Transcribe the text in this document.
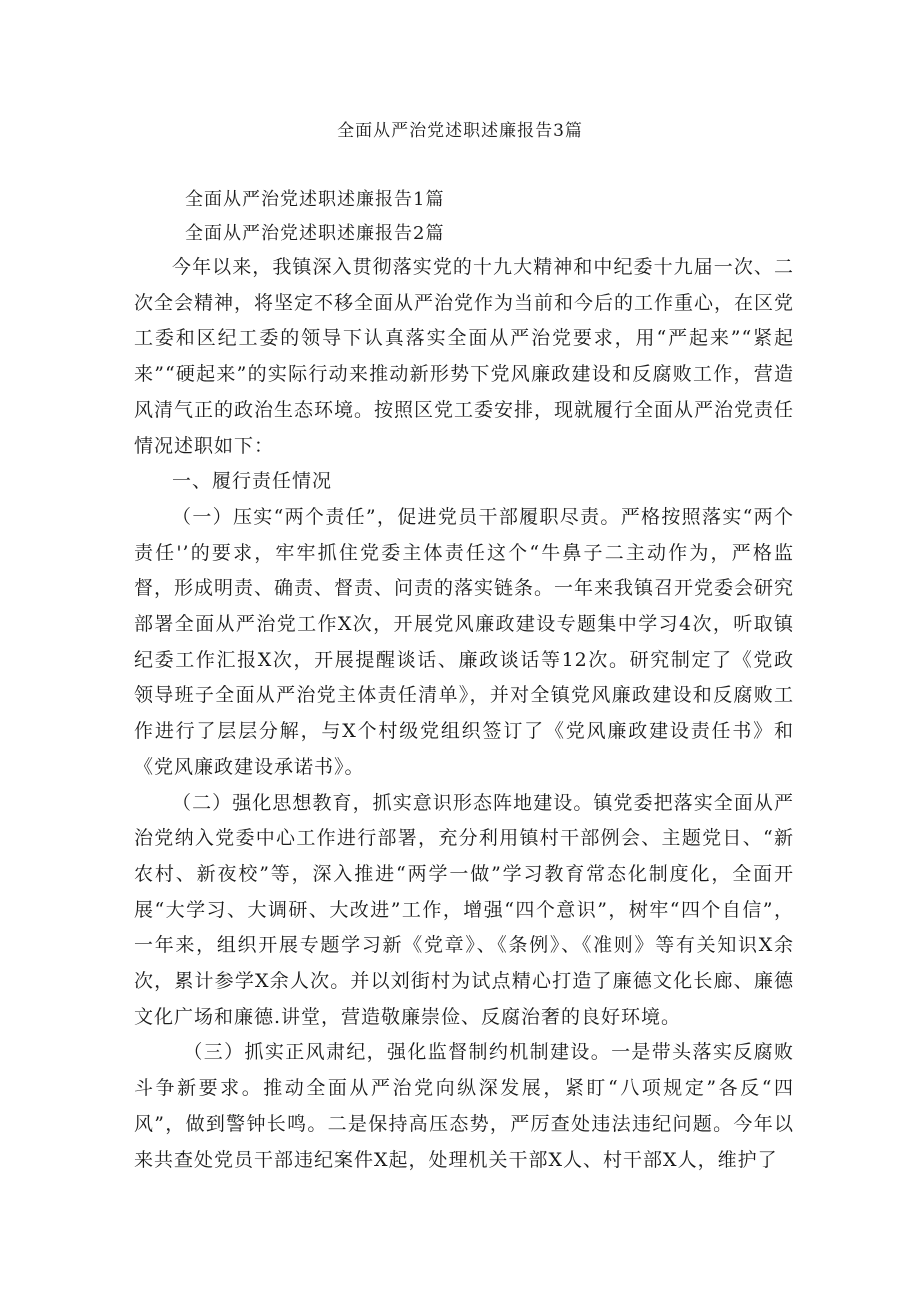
全面从严治党述职述廉报告3篇
全面从严治党述职述廉报告1篇
全面从严治党述职述廉报告2篇

今年以来，我镇深入贯彻落实党的十九大精神和中纪委十九届一次、二次全会精神，将坚定不移全面从严治党作为当前和今后的工作重心，在区党工委和区纪工委的领导下认真落实全面从严治党要求，用“严起来”“紧起来”“硬起来”的实际行动来推动新形势下党风廉政建设和反腐败工作，营造风清气正的政治生态环境。按照区党工委安排，现就履行全面从严治党责任情况述职如下：

一、履行责任情况

（一）压实“两个责任”，促进党员干部履职尽责。严格按照落实“两个责任'’的要求，牢牢抓住党委主体责任这个“牛鼻子二主动作为，严格监督，形成明责、确责、督责、问责的落实链条。一年来我镇召开党委会研究部署全面从严治党工作X次，开展党风廉政建设专题集中学习4次，听取镇纪委工作汇报X次，开展提醒谈话、廉政谈话等12次。研究制定了《党政领导班子全面从严治党主体责任清单》，并对全镇党风廉政建设和反腐败工作进行了层层分解，与X个村级党组织签订了《党风廉政建设责任书》和《党风廉政建设承诺书》。

（二）强化思想教育，抓实意识形态阵地建设。镇党委把落实全面从严治党纳入党委中心工作进行部署，充分利用镇村干部例会、主题党日、“新农村、新夜校”等，深入推进“两学一做”学习教育常态化制度化，全面开展“大学习、大调研、大改进”工作，增强“四个意识”，树牢“四个自信”，一年来，组织开展专题学习新《党章》、《条例》、《准则》等有关知识X余次，累计参学X余人次。并以刘街村为试点精心打造了廉德文化长廊、廉德文化广场和廉德.讲堂，营造敬廉崇俭、反腐治奢的良好环境。

（三）抓实正风肃纪，强化监督制约机制建设。一是带头落实反腐败斗争新要求。推动全面从严治党向纵深发展，紧盯“八项规定”各反“四风”，做到警钟长鸣。二是保持高压态势，严厉查处违法违纪问题。今年以来共查处党员干部违纪案件X起，处理机关干部X人、村干部X人，维护了
